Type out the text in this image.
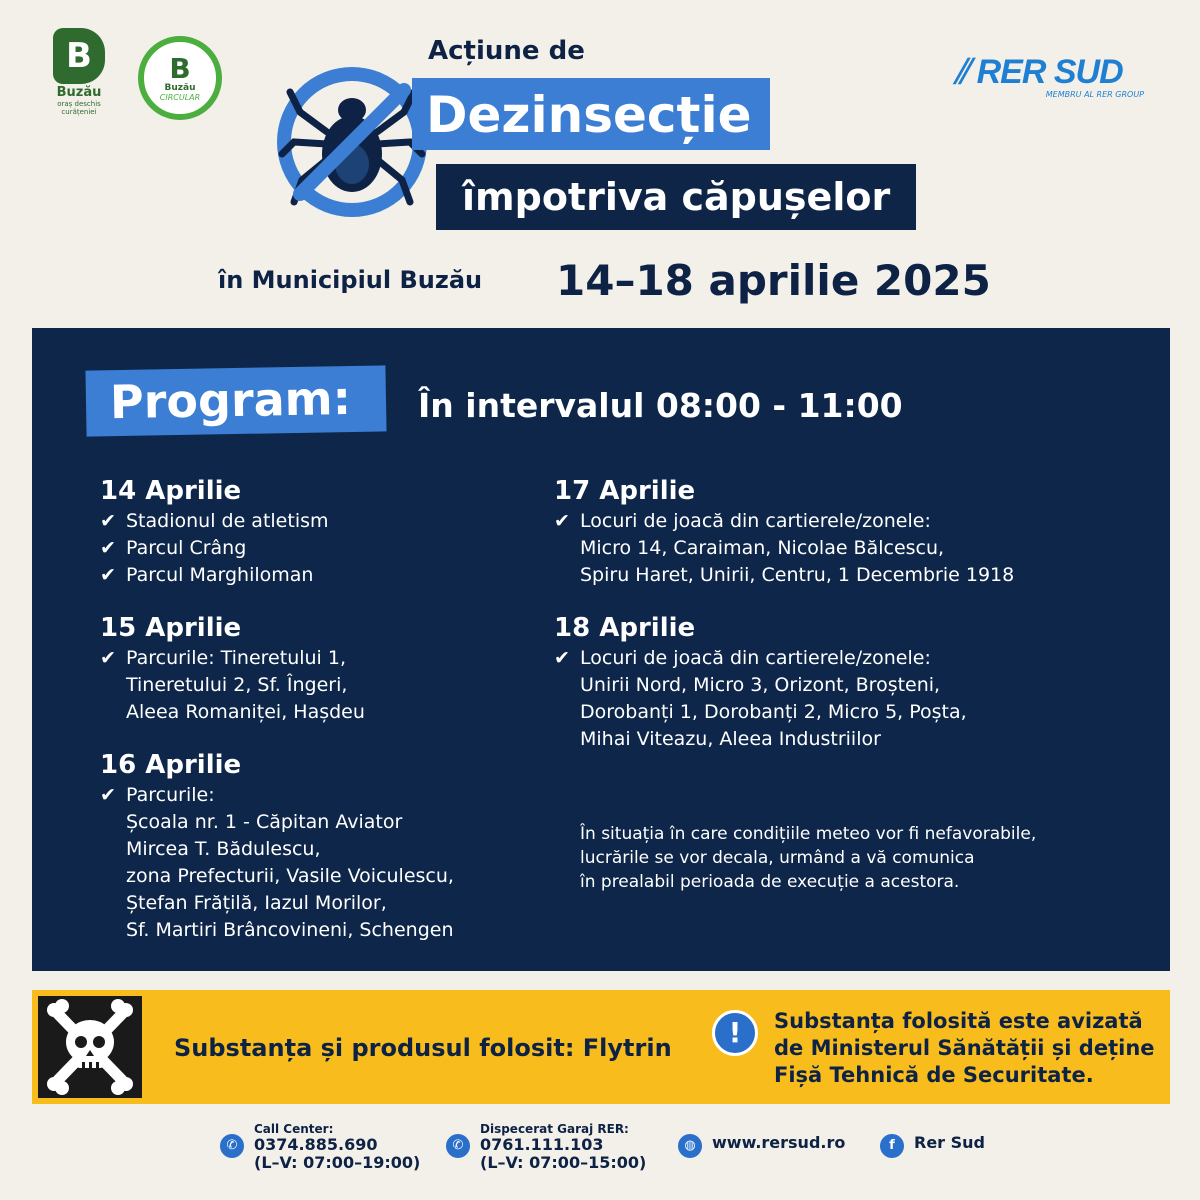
B
Buzău
oraș deschis curățeniei
B
Buzău
CIRCULAR
⫽ RER SUD
MEMBRU AL RER GROUP
Acțiune de
Dezinsecție
împotriva căpușelor
în Municipiul Buzău 14–18 aprilie 2025
Program:	În intervalul 08:00 - 11:00
14 Aprilie
✔ Stadionul de atletism
✔ Parcul Crâng
✔ Parcul Marghiloman
15 Aprilie
✔ Parcurile: Tineretului 1,
Tineretului 2, Sf. Îngeri,
Aleea Romaniței, Hașdeu
16 Aprilie
✔ Parcurile:
Școala nr. 1 - Căpitan Aviator
Mircea T. Bădulescu,
zona Prefecturii, Vasile Voiculescu,
Ștefan Frățilă, Iazul Morilor,
Sf. Martiri Brâncovineni, Schengen
17 Aprilie
✔ Locuri de joacă din cartierele/zonele:
Micro 14, Caraiman, Nicolae Bălcescu,
Spiru Haret, Unirii, Centru, 1 Decembrie 1918
18 Aprilie
✔ Locuri de joacă din cartierele/zonele:
Unirii Nord, Micro 3, Orizont, Broșteni,
Dorobanți 1, Dorobanți 2, Micro 5, Poșta,
Mihai Viteazu, Aleea Industriilor
În situația în care condițiile meteo vor fi nefavorabile,
lucrările se vor decala, urmând a vă comunica
în prealabil perioada de execuție a acestora.
Substanța și produsul folosit: Flytrin	!	Substanța folosită este avizată
de Ministerul Sănătății și deține
Fișă Tehnică de Securitate.
✆
Call Center:
0374.885.690
(L–V: 07:00–19:00)
✆
Dispecerat Garaj RER:
0761.111.103
(L–V: 07:00–15:00)
◍	www.rersud.ro	f	Rer Sud
